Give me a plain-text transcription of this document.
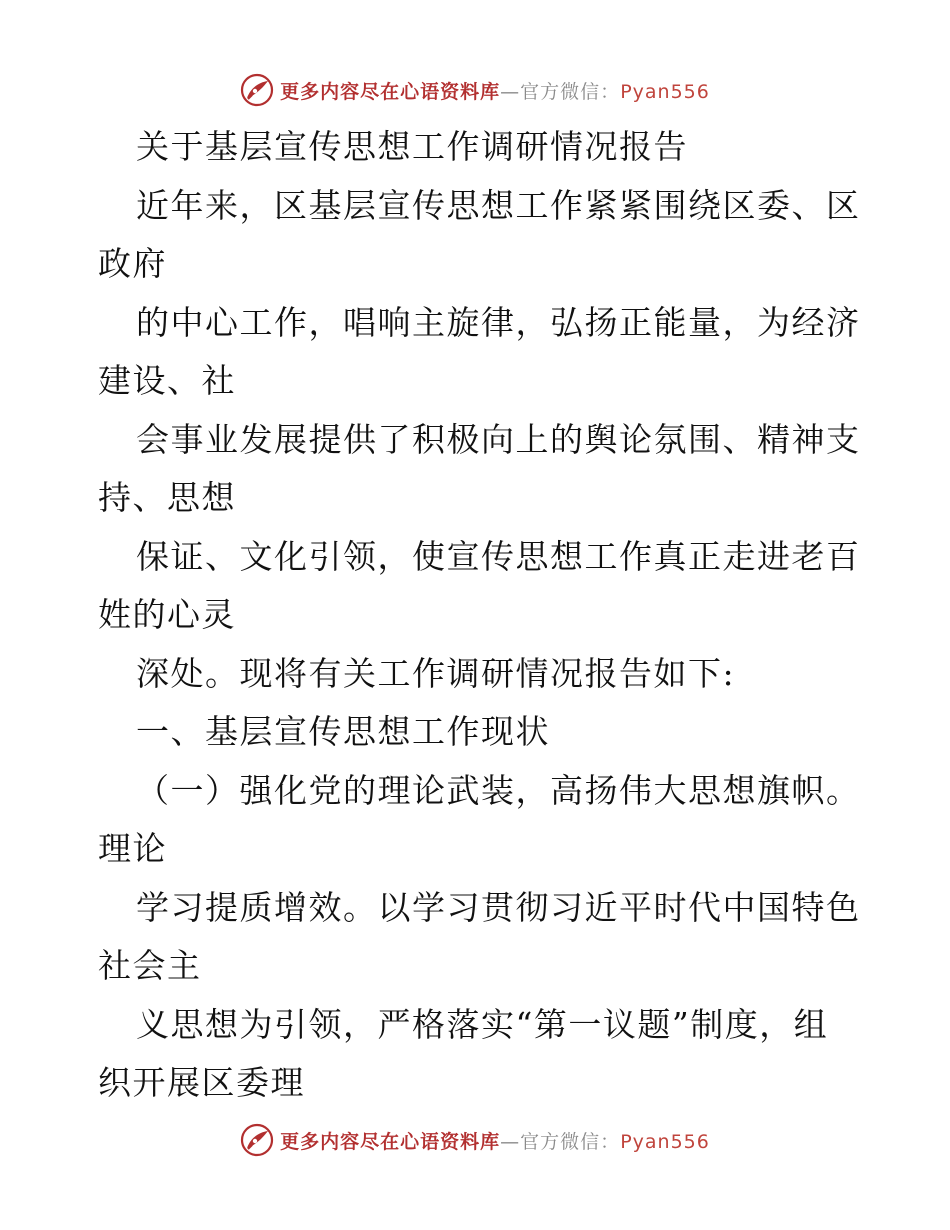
更多内容尽在心语资料库—官方微信：Pyan556
关于基层宣传思想工作调研情况报告
近年来，区基层宣传思想工作紧紧围绕区委、区
政府
的中心工作，唱响主旋律，弘扬正能量，为经济
建设、社
会事业发展提供了积极向上的舆论氛围、精神支
持、思想
保证、文化引领，使宣传思想工作真正走进老百
姓的心灵
深处。现将有关工作调研情况报告如下:
一、基层宣传思想工作现状
（一）强化党的理论武装，高扬伟大思想旗帜。
理论
学习提质增效。以学习贯彻习近平时代中国特色
社会主
义思想为引领，严格落实“第一议题”制度，组
织开展区委理
更多内容尽在心语资料库—官方微信：Pyan556
